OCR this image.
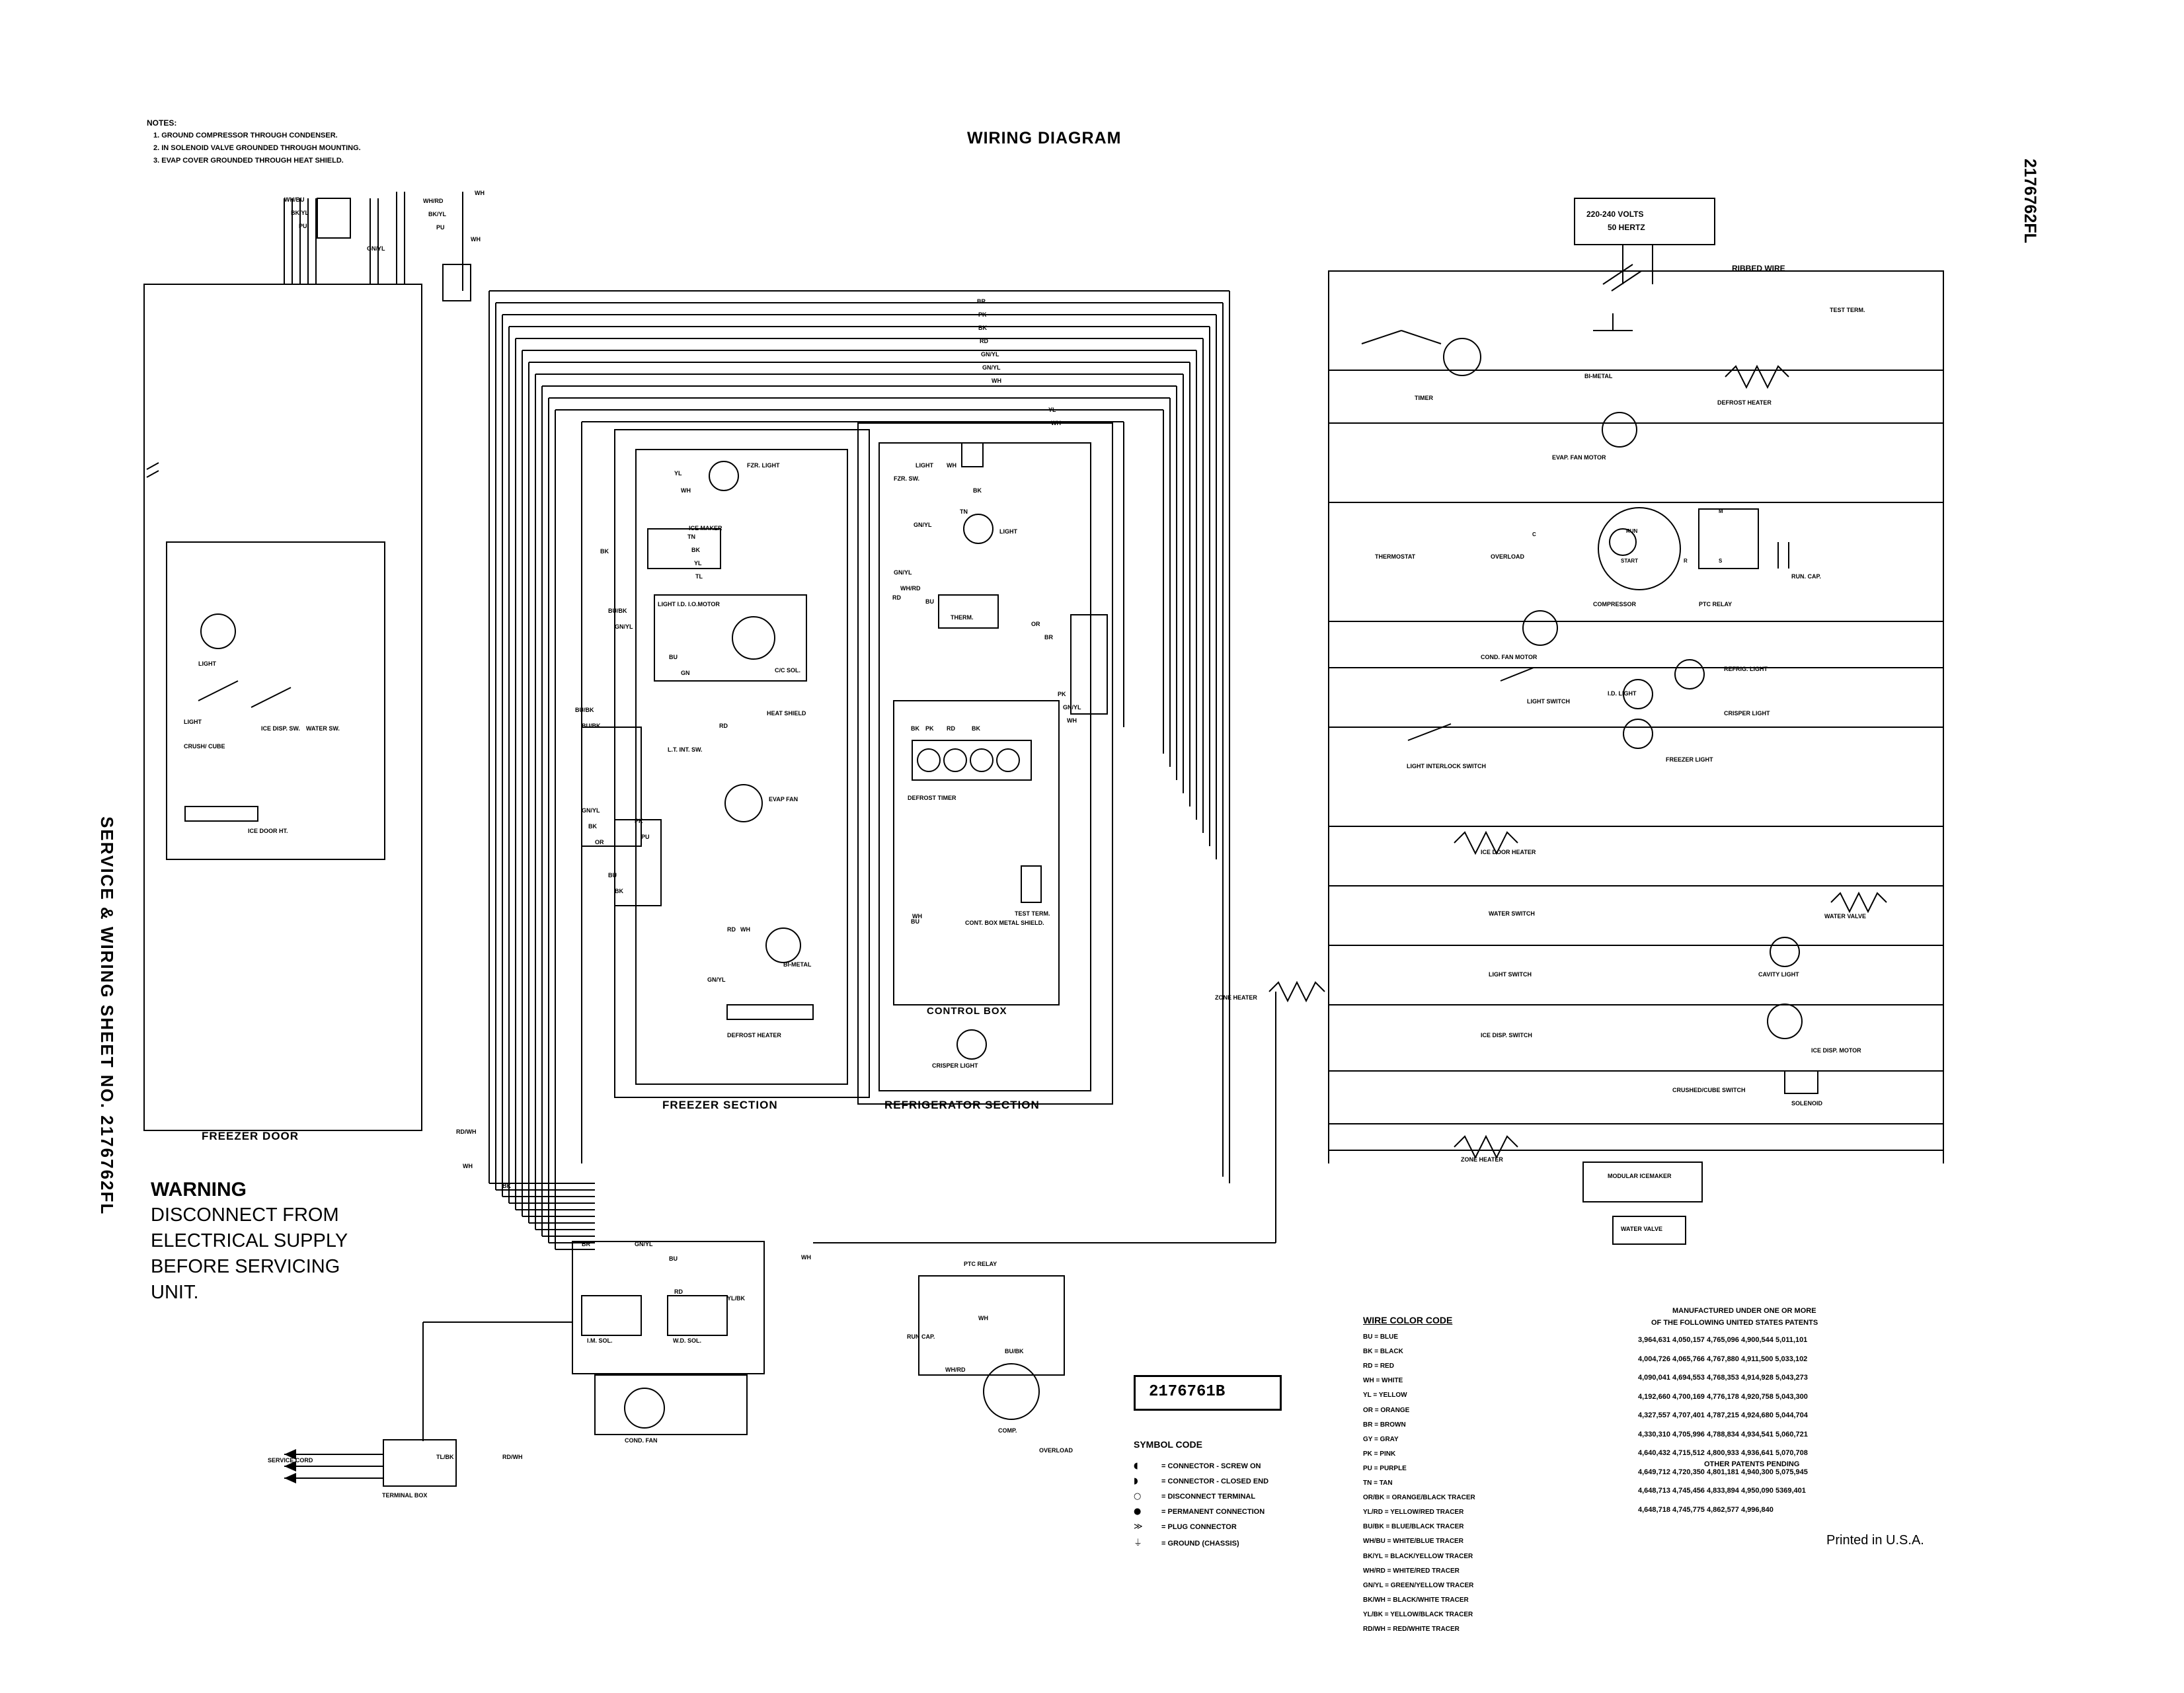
NOTES:
1. GROUND COMPRESSOR THROUGH CONDENSER.
2. IN SOLENOID VALVE GROUNDED THROUGH MOUNTING.
3. EVAP COVER GROUNDED THROUGH HEAT SHIELD.
WIRING DIAGRAM
2176762FL
SERVICE & WIRING SHEET NO. 2176762FL WARNING
DISCONNECT FROM
ELECTRICAL SUPPLY
BEFORE SERVICING
UNIT.
2176761B
Printed in U.S.A.
220-240 VOLTS
50 HERTZ
RIBBED WIRE
FREEZER DOOR
FREEZER SECTION	REFRIGERATOR SECTION
CONTROL BOX
LIGHT
LIGHT
ICE DOOR HT.
CRUSH/ CUBE
ICE DISP. SW. WATER SW.
SERVICE CORD
TERMINAL BOX
FZR. LIGHT
ICE MAKER
LIGHT I.D. I.O.MOTOR
C/C SOL.
HEAT SHIELD
L.T. INT. SW.
EVAP FAN
BI-METAL
DEFROST HEATER
FZR. SW.
LIGHT
LIGHT
THERM.
DEFROST TIMER
TEST TERM.
CONT. BOX METAL SHIELD.
CRISPER LIGHT
I.M. SOL.	W.D. SOL.
COND. FAN
PTC RELAY
RUN CAP.
COMP.
OVERLOAD
ZONE HEATER
TEST TERM.
BI-METAL
DEFROST HEATER
TIMER
EVAP. FAN MOTOR
THERMOSTAT	OVERLOAD
COMPRESSOR	PTC RELAY
RUN. CAP.
COND. FAN MOTOR
LIGHT SWITCH
I.D. LIGHT
REFRIG. LIGHT
CRISPER LIGHT
FREEZER LIGHT
LIGHT INTERLOCK SWITCH
ICE DOOR HEATER
WATER SWITCH	WATER VALVE
LIGHT SWITCH	CAVITY LIGHT
ICE DISP. SWITCH
ICE DISP. MOTOR
CRUSHED/CUBE SWITCH
SOLENOID
ZONE HEATER
MODULAR ICEMAKER
WATER VALVE
RUN
START
M
S
R
C
WIRE COLOR CODE
BU = BLUE
BK = BLACK
RD = RED
WH = WHITE
YL = YELLOW
OR = ORANGE
BR = BROWN
GY = GRAY
PK = PINK
PU = PURPLE
TN = TAN
OR/BK = ORANGE/BLACK TRACER
YL/RD = YELLOW/RED TRACER
BU/BK = BLUE/BLACK TRACER
WH/BU = WHITE/BLUE TRACER
BK/YL = BLACK/YELLOW TRACER
WH/RD = WHITE/RED TRACER
GN/YL = GREEN/YELLOW TRACER
BK/WH = BLACK/WHITE TRACER
YL/BK = YELLOW/BLACK TRACER
RD/WH = RED/WHITE TRACER
SYMBOL CODE
◖	= CONNECTOR - SCREW ON
◗	= CONNECTOR - CLOSED END
○	= DISCONNECT TERMINAL
●	= PERMANENT CONNECTION
≫	= PLUG CONNECTOR
⏚	= GROUND (CHASSIS)
MANUFACTURED UNDER ONE OR MORE
OF THE FOLLOWING UNITED STATES PATENTS
3,964,631 4,050,157 4,765,096 4,900,544 5,011,101
4,004,726 4,065,766 4,767,880 4,911,500 5,033,102
4,090,041 4,694,553 4,768,353 4,914,928 5,043,273
4,192,660 4,700,169 4,776,178 4,920,758 5,043,300
4,327,557 4,707,401 4,787,215 4,924,680 5,044,704
4,330,310 4,705,996 4,788,834 4,934,541 5,060,721
4,640,432 4,715,512 4,800,933 4,936,641 5,070,708
4,649,712 4,720,350 4,801,181 4,940,300 5,075,945
4,648,713 4,745,456 4,833,894 4,950,090 5369,401
4,648,718 4,745,775 4,862,577 4,996,840
OTHER PATENTS PENDING
WH/BU
BK/YL
PU
GN/YL
WH
WH/RD
BK/YL
PU
WH
BR
PK
BK
RD
GN/YL
GN/YL
WH
YL
WH
YL
WH
WH
BK
TN
GN/YL
BK
TN
BK
YL
TL
GN/YL
WH/RD
RD
BU
BU/BK
GN/YL
BU
GN
BU/BK
BU/BK	RD
OR
BR
PK
GN/YL
WH
BK PK RD	BK
GN/YL
BK
OR
PK
PU
WH
BU
BK
RD WH
GN/YL
BU
RD/WH
WH
BK
BR	GN/YL
BU	WH
RD
YL/BK
WH
BU/BK
WH/RD
RD/WH
TL/BK
